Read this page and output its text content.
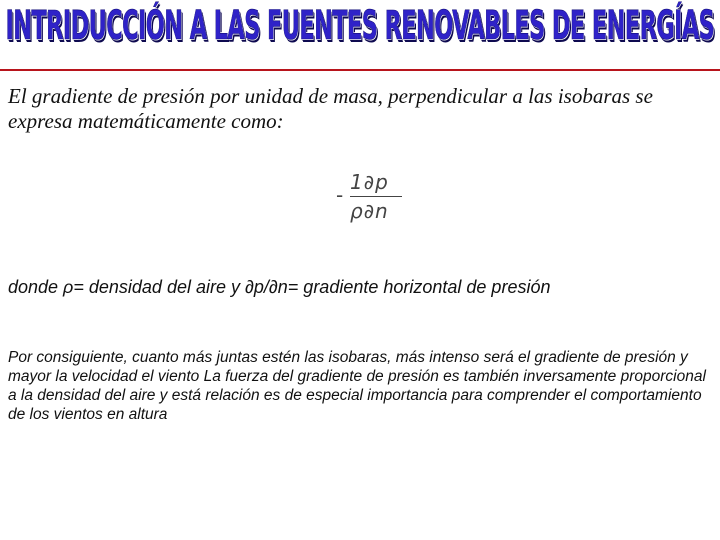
INTRIDUCCIÓN A LAS FUENTES RENOVABLES DE ENERGÍAS
El gradiente de presión por unidad de masa, perpendicular a las isobaras se expresa matemáticamente como:
-
1∂p
ρ∂n
donde ρ= densidad del aire y ∂p/∂n= gradiente horizontal de presión
Por consiguiente, cuanto más juntas estén las isobaras, más intenso será el gradiente de presión y mayor la velocidad el viento La fuerza del gradiente de presión es también inversamente proporcional a la densidad del aire y está relación es de especial importancia para comprender el comportamiento de los vientos en altura
